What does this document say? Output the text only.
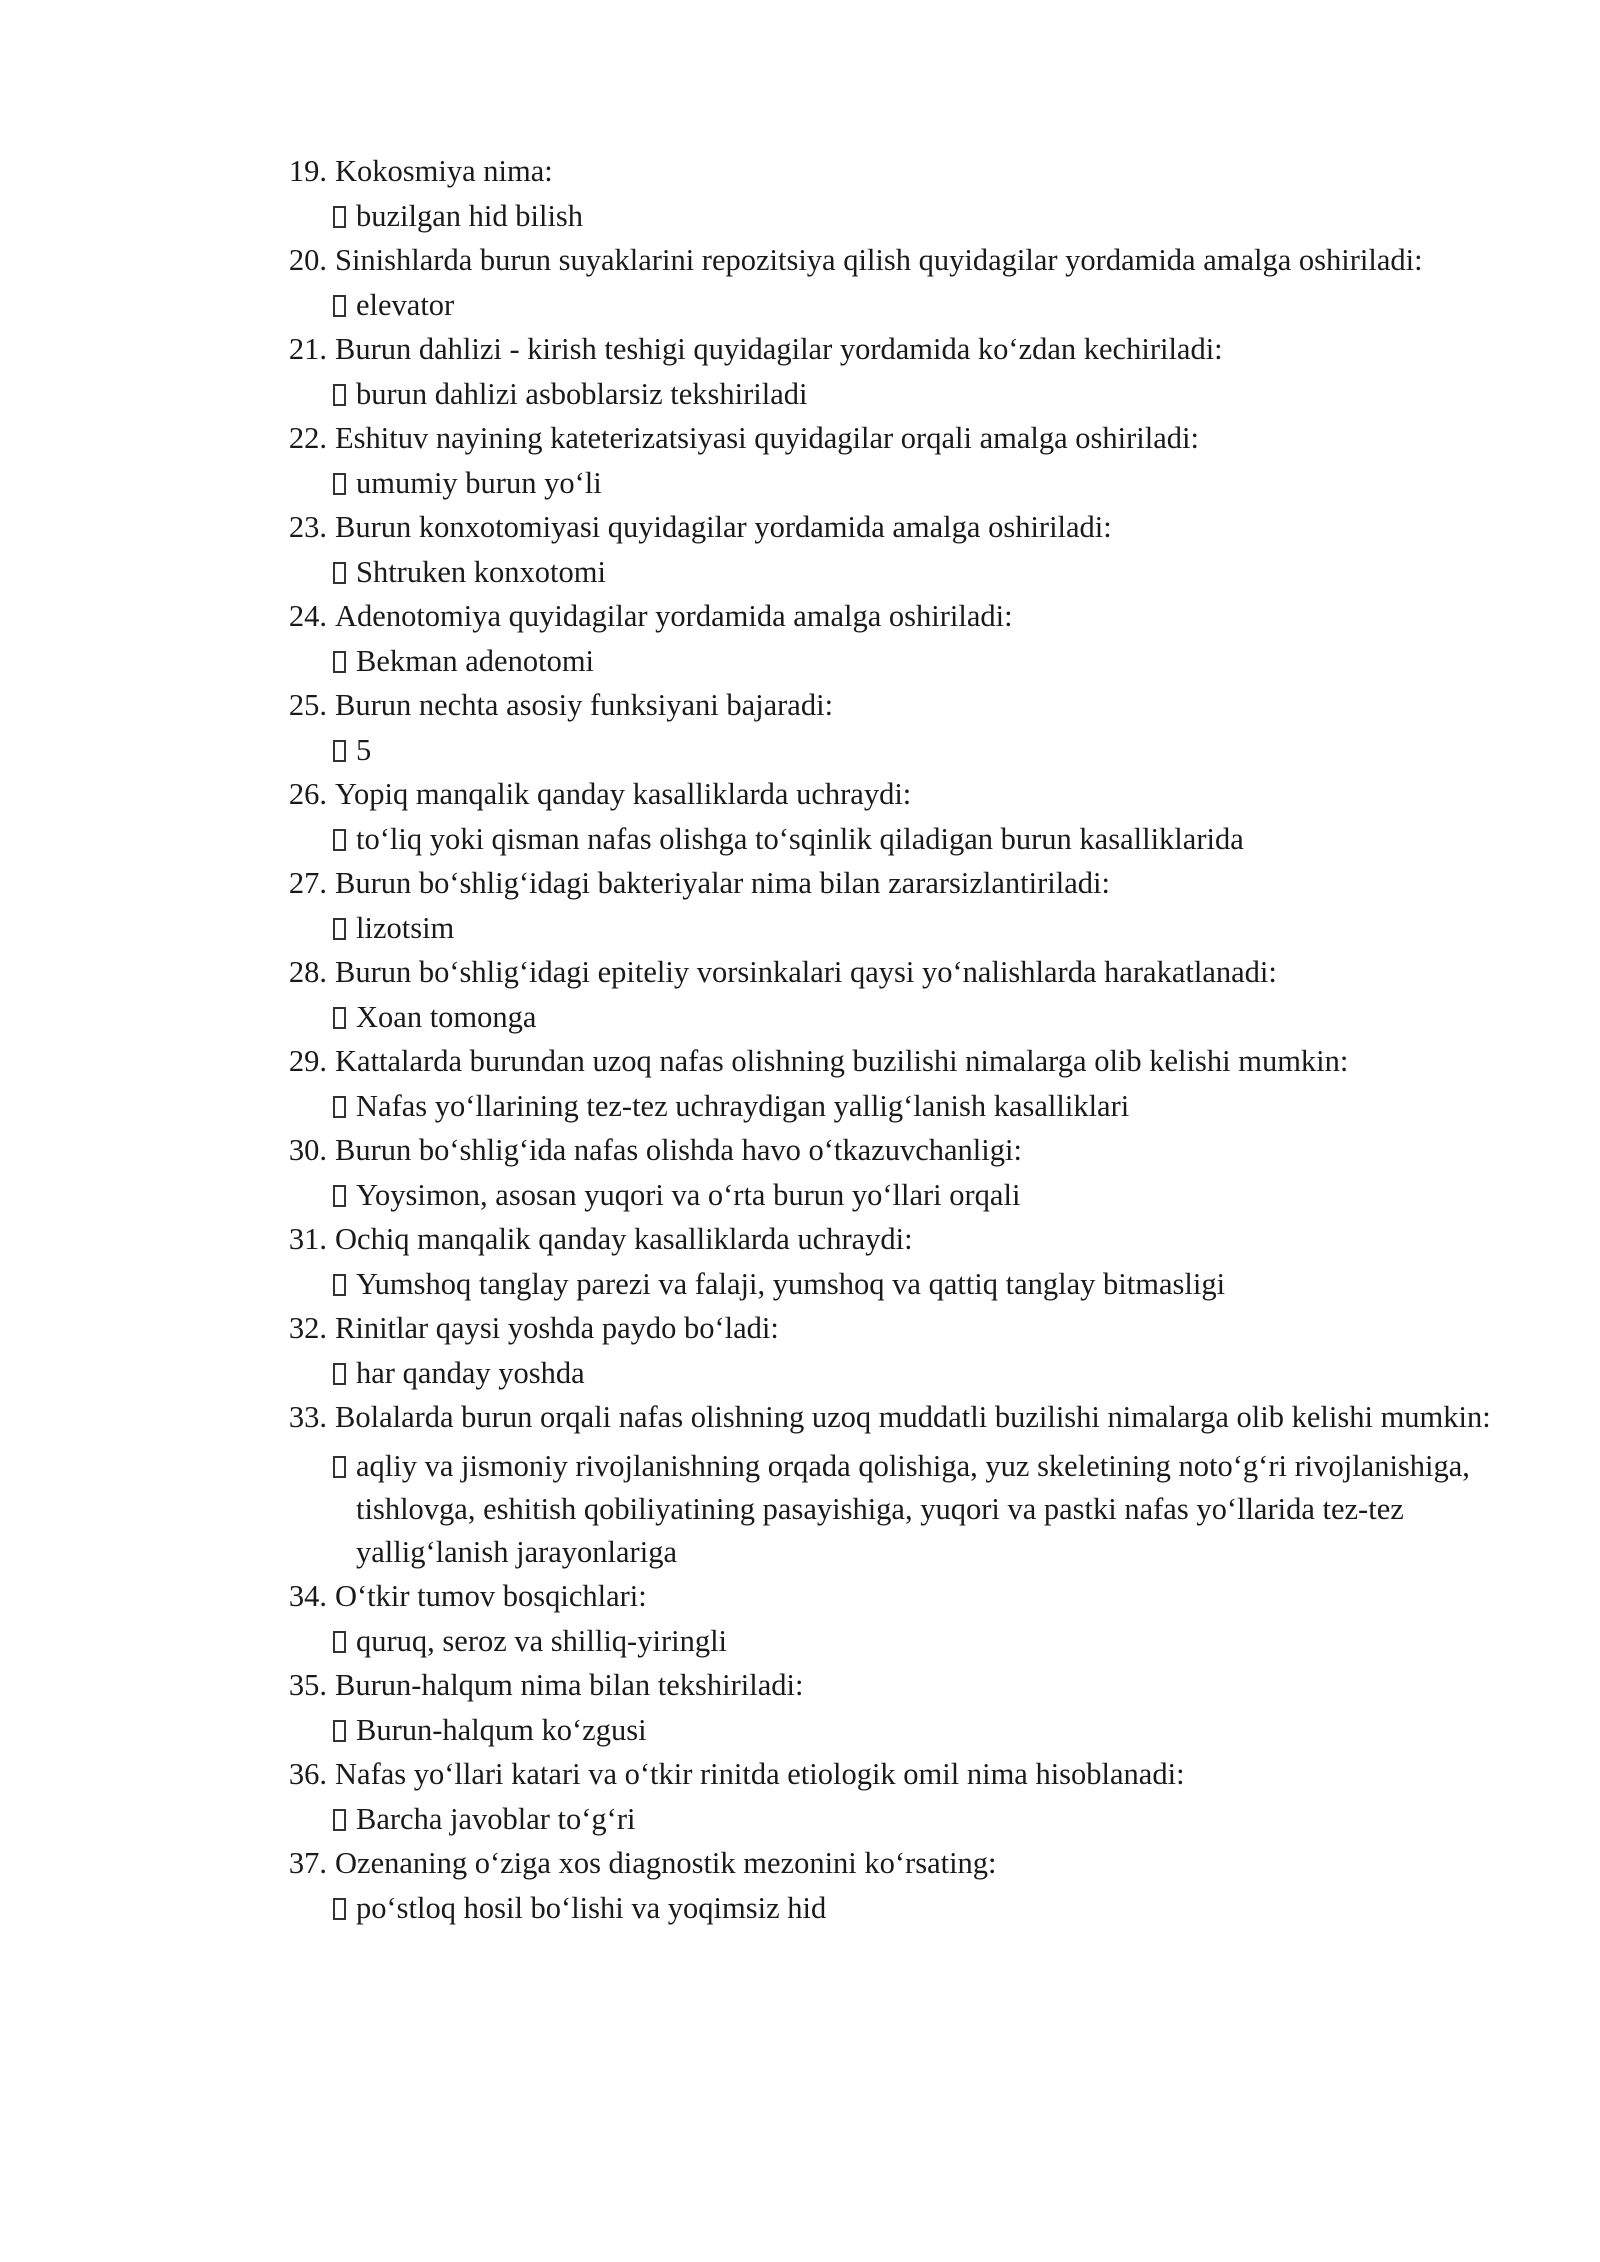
19. Kokosmiya nima:
buzilgan hid bilish
20. Sinishlarda burun suyaklarini repozitsiya qilish quyidagilar yordamida amalga oshiriladi:
elevator
21. Burun dahlizi - kirish teshigi quyidagilar yordamida ko‘zdan kechiriladi:
burun dahlizi asboblarsiz tekshiriladi
22. Eshituv nayining kateterizatsiyasi quyidagilar orqali amalga oshiriladi:
umumiy burun yo‘li
23. Burun konxotomiyasi quyidagilar yordamida amalga oshiriladi:
Shtruken konxotomi
24. Adenotomiya quyidagilar yordamida amalga oshiriladi:
Bekman adenotomi
25. Burun nechta asosiy funksiyani bajaradi:
5
26. Yopiq manqalik qanday kasalliklarda uchraydi:
to‘liq yoki qisman nafas olishga to‘sqinlik qiladigan burun kasalliklarida
27. Burun bo‘shlig‘idagi bakteriyalar nima bilan zararsizlantiriladi:
lizotsim
28. Burun bo‘shlig‘idagi epiteliy vorsinkalari qaysi yo‘nalishlarda harakatlanadi:
Xoan tomonga
29. Kattalarda burundan uzoq nafas olishning buzilishi nimalarga olib kelishi mumkin:
Nafas yo‘llarining tez-tez uchraydigan yallig‘lanish kasalliklari
30. Burun bo‘shlig‘ida nafas olishda havo o‘tkazuvchanligi:
Yoysimon, asosan yuqori va o‘rta burun yo‘llari orqali
31. Ochiq manqalik qanday kasalliklarda uchraydi:
Yumshoq tanglay parezi va falaji, yumshoq va qattiq tanglay bitmasligi
32. Rinitlar qaysi yoshda paydo bo‘ladi:
har qanday yoshda
33. Bolalarda burun orqali nafas olishning uzoq muddatli buzilishi nimalarga olib kelishi mumkin:
aqliy va jismoniy rivojlanishning orqada qolishiga, yuz skeletining noto‘g‘ri rivojlanishiga, tishlovga, eshitish qobiliyatining pasayishiga, yuqori va pastki nafas yo‘llarida tez-tez yallig‘lanish jarayonlariga
34. O‘tkir tumov bosqichlari:
quruq, seroz va shilliq-yiringli
35. Burun-halqum nima bilan tekshiriladi:
Burun-halqum ko‘zgusi
36. Nafas yo‘llari katari va o‘tkir rinitda etiologik omil nima hisoblanadi:
Barcha javoblar to‘g‘ri
37. Ozenaning o‘ziga xos diagnostik mezonini ko‘rsating:
po‘stloq hosil bo‘lishi va yoqimsiz hid
